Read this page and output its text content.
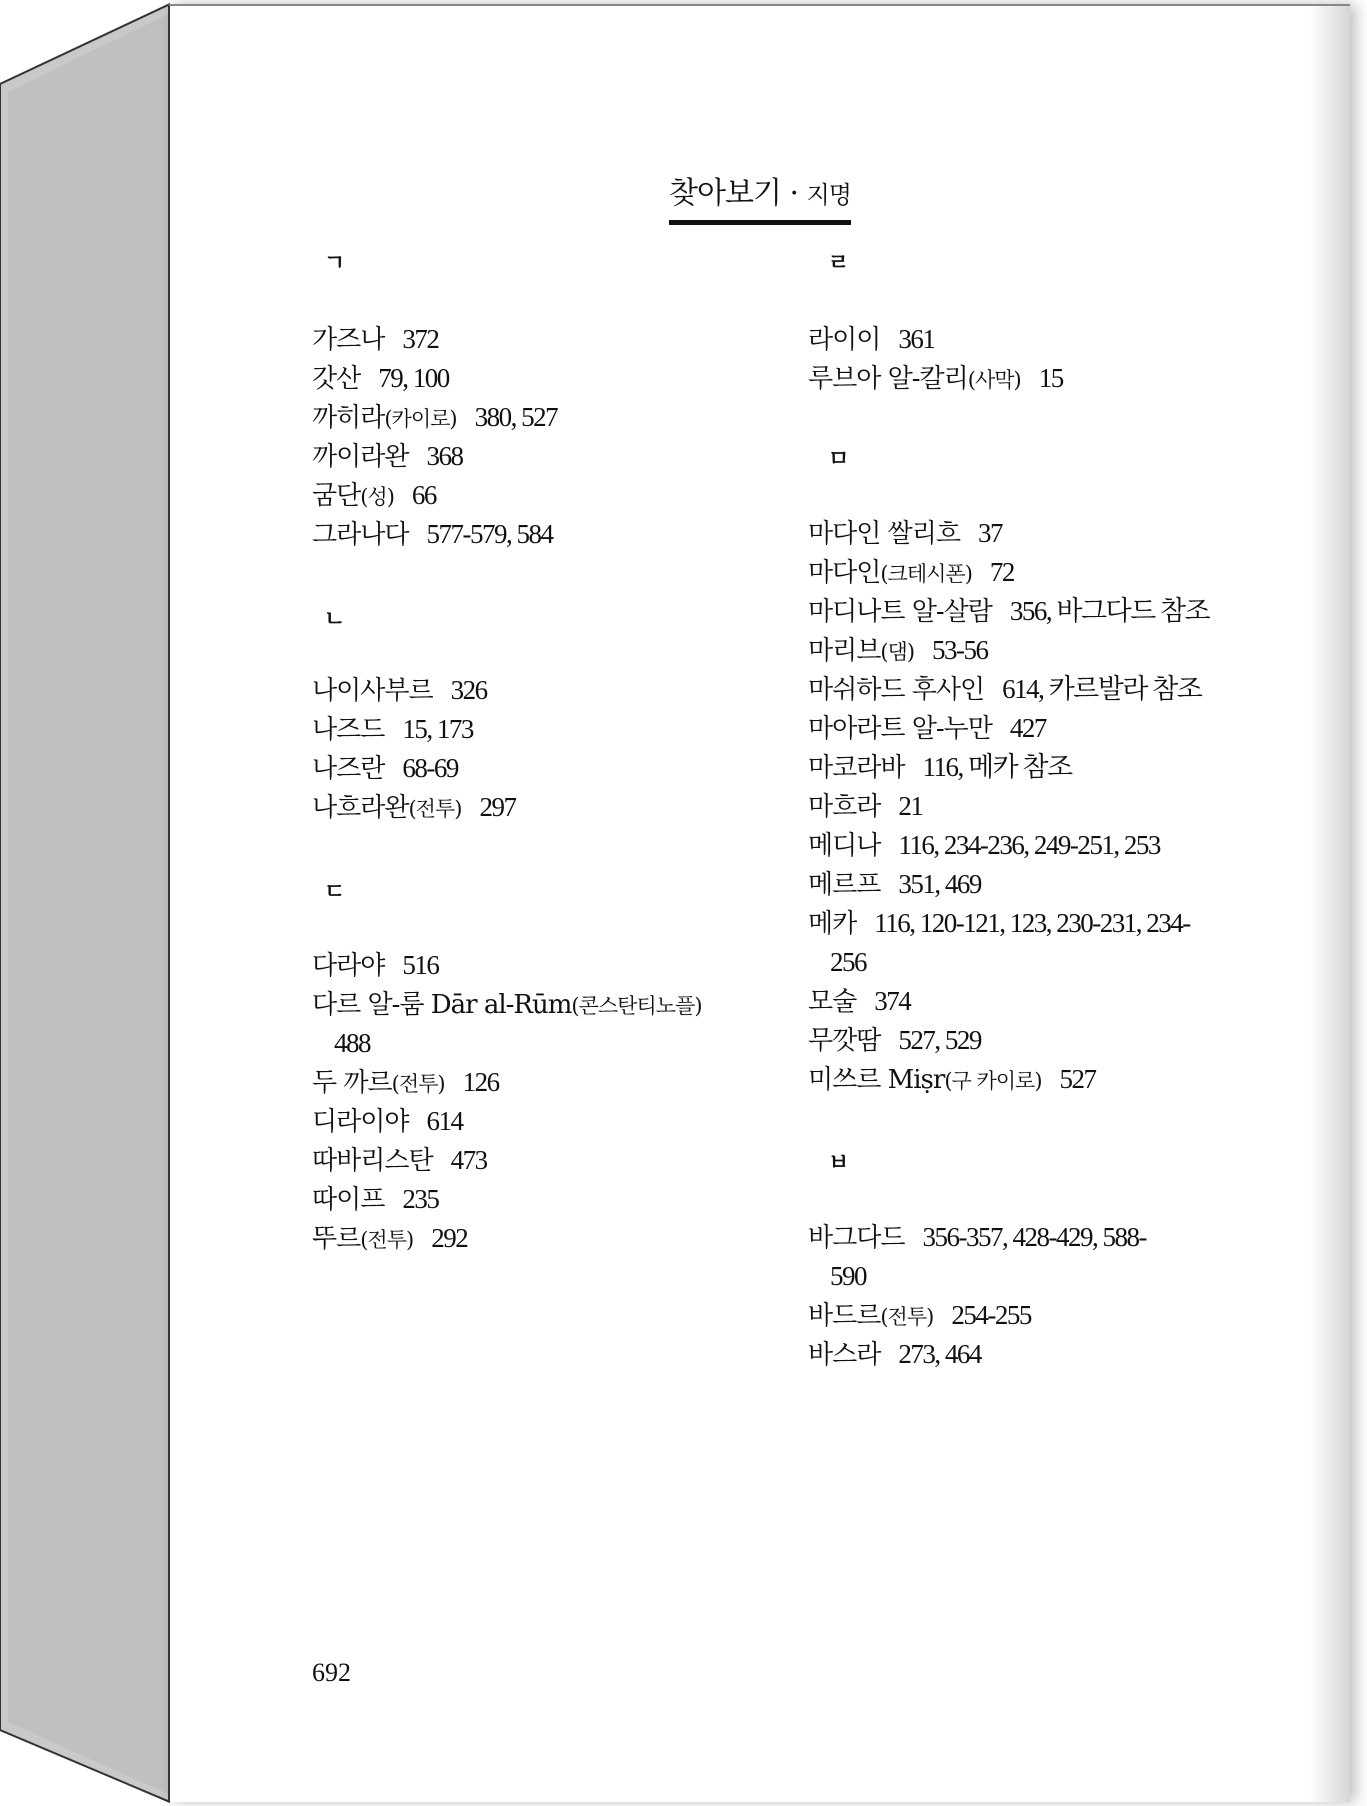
찾아보기 · 지명
ㄱ
가즈나 372
갓산 79, 100
까히라(카이로) 380, 527
까이라완 368
굼단(성) 66
그라나다 577-579, 584
ㄴ
나이사부르 326
나즈드 15, 173
나즈란 68-69
나흐라완(전투) 297
ㄷ
다라야 516
다르 알-룸 Dār al-Rūm(콘스탄티노플)
488
두 까르(전투) 126
디라이야 614
따바리스탄 473
따이프 235
뚜르(전투) 292
ㄹ
라이이 361
루브아 알-칼리(사막) 15
ㅁ
마다인 쌀리흐 37
마다인(크테시폰) 72
마디나트 알-살람 356, 바그다드 참조
마리브(댐) 53-56
마쉬하드 후사인 614, 카르발라 참조
마아라트 알-누만 427
마코라바 116, 메카 참조
마흐라 21
메디나 116, 234-236, 249-251, 253
메르프 351, 469
메카 116, 120-121, 123, 230-231, 234-
256
모술 374
무깟땀 527, 529
미쓰르 Miṣr(구 카이로) 527
ㅂ
바그다드 356-357, 428-429, 588-
590
바드르(전투) 254-255
바스라 273, 464
692
